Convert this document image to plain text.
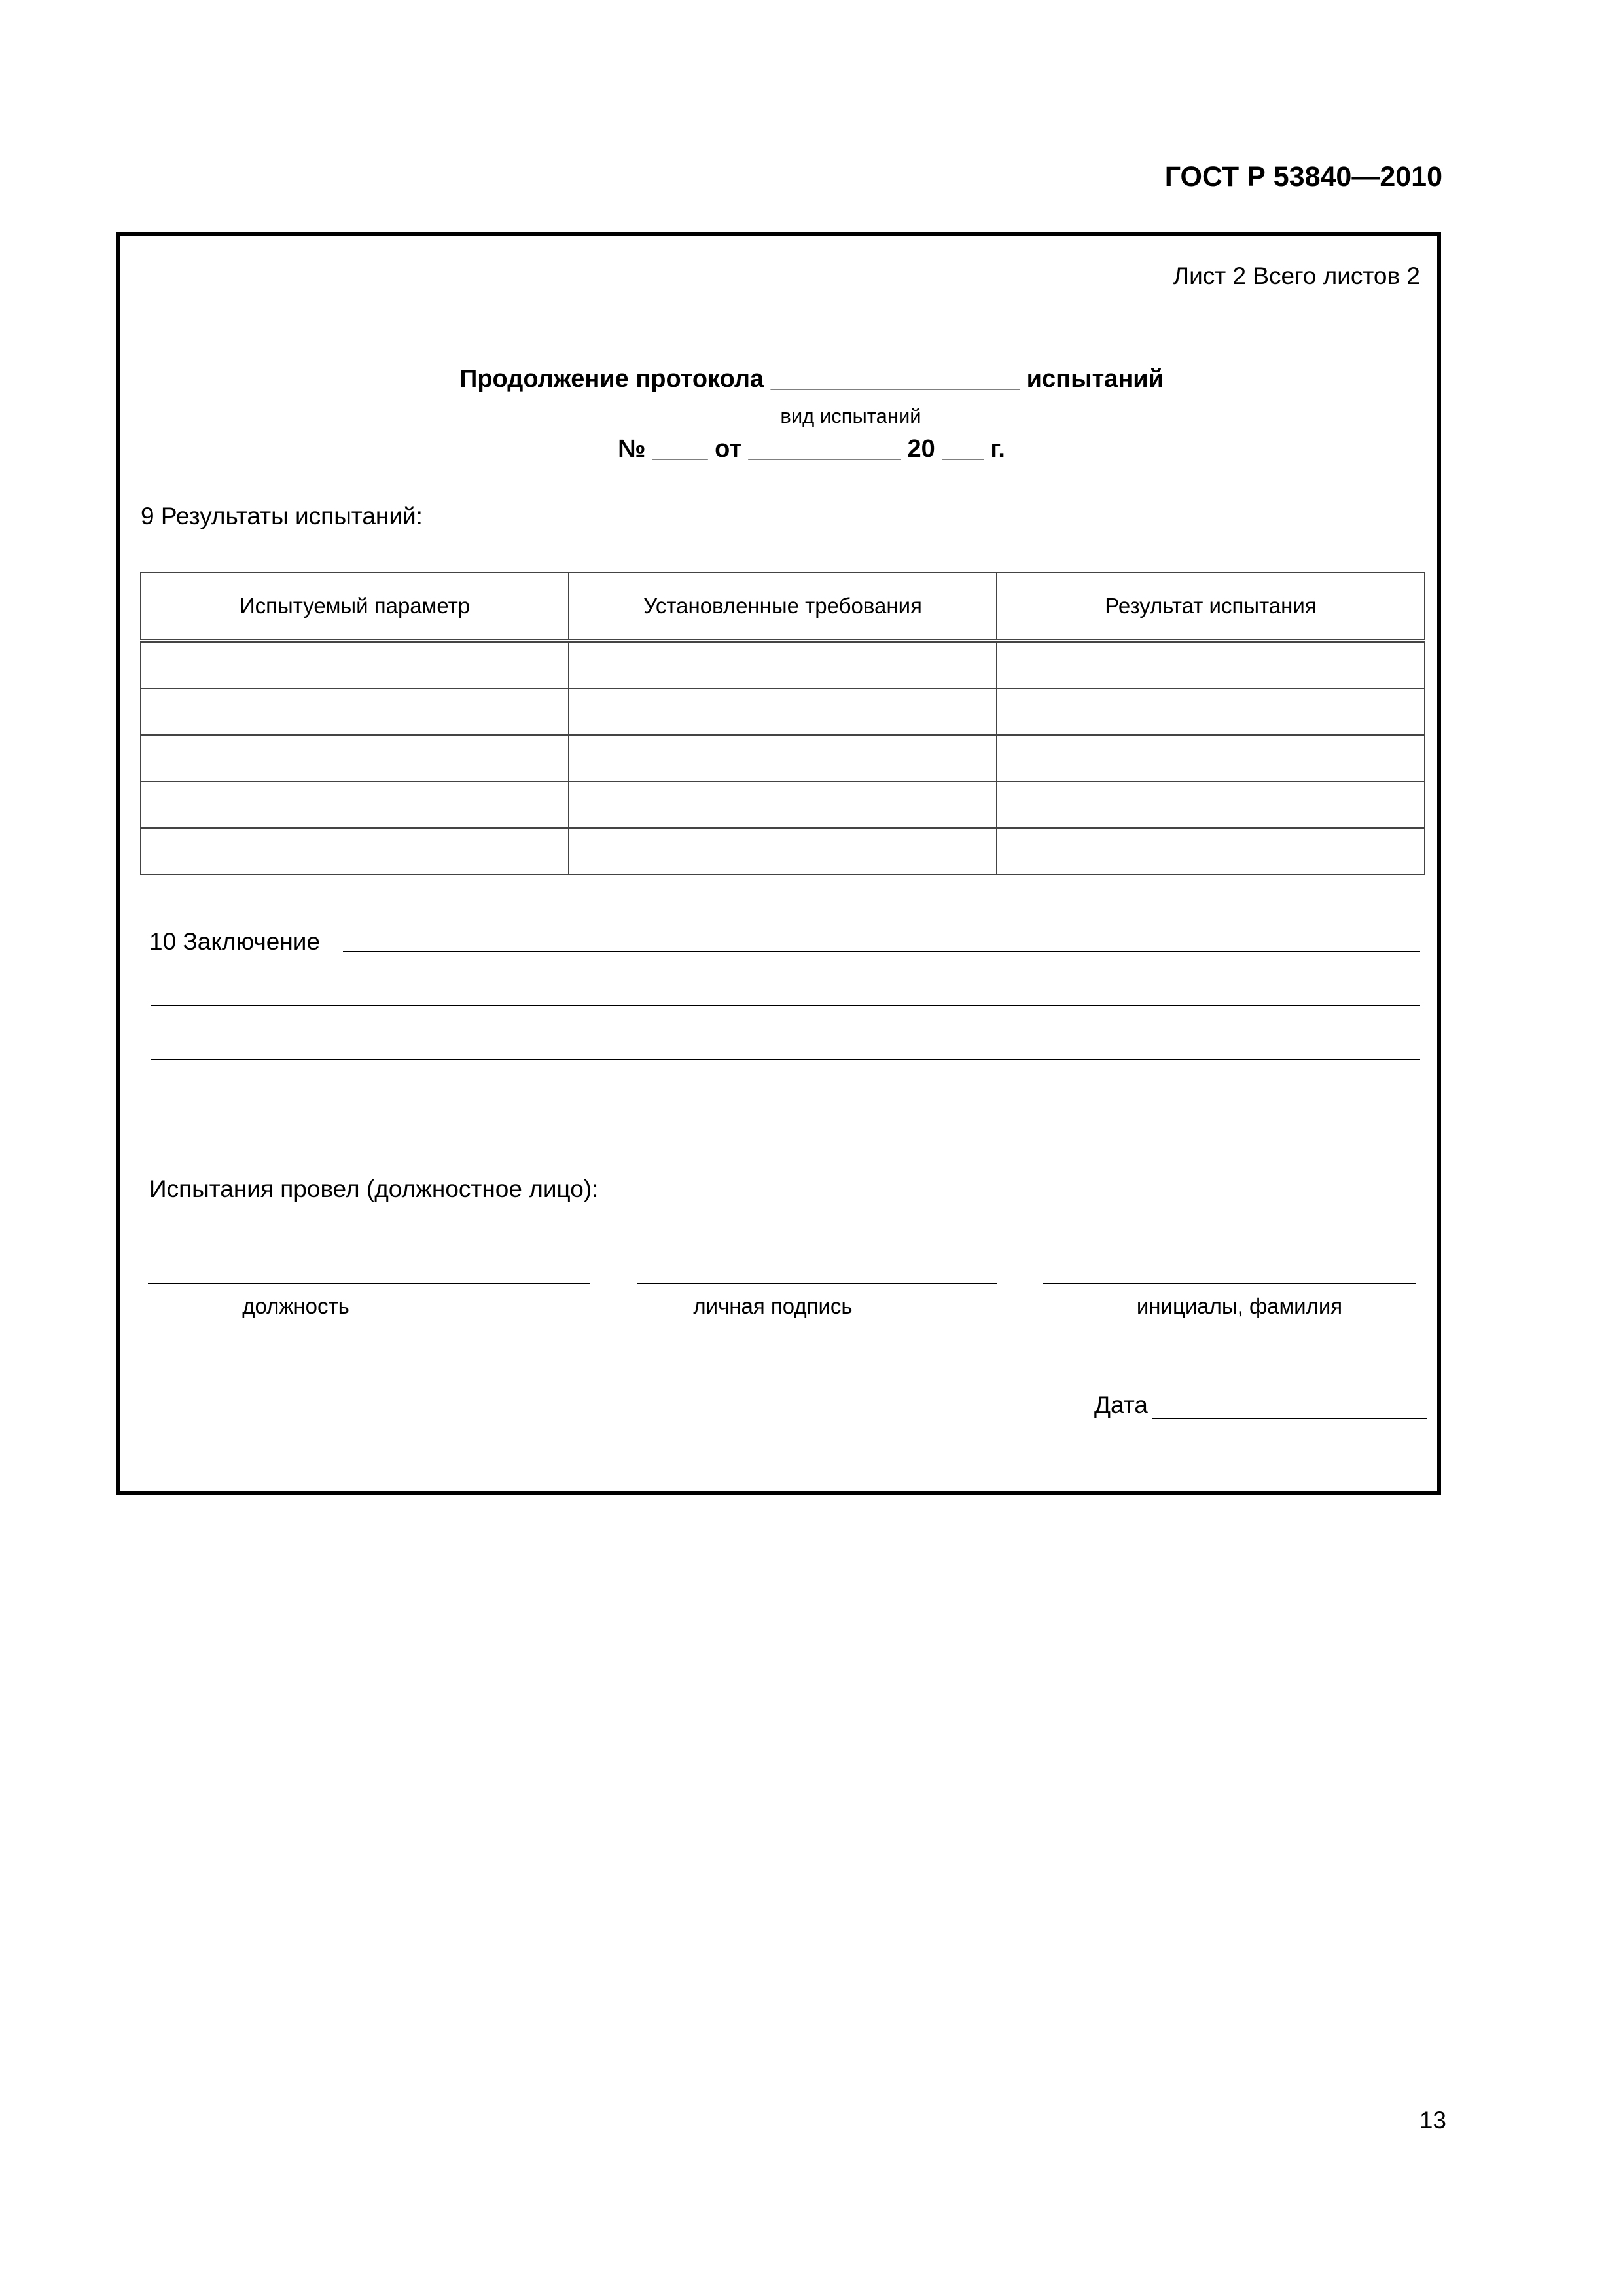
ГОСТ Р 53840—2010
Лист 2 Всего листов 2
Продолжение протокола __________________ испытаний
вид испытаний
№ ____ от ___________ 20 ___ г.
9 Результаты испытаний:
Испытуемый параметр	Установленные требования	Результат испытания

10 Заключение
Испытания провел (должностное лицо):
должность	личная подпись	инициалы, фамилия
Дата
13
